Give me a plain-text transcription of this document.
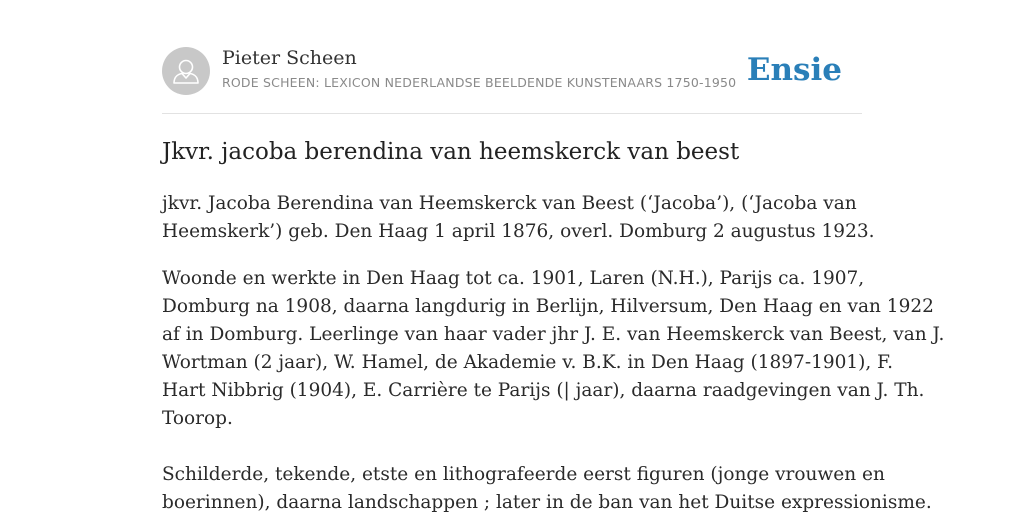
Pieter Scheen
RODE SCHEEN: LEXICON NEDERLANDSE BEELDENDE KUNSTENAARS 1750-1950 Ensie
Jkvr. jacoba berendina van heemskerck van beest

jkvr. Jacoba Berendina van Heemskerck van Beest (‘Jacoba’), (‘Jacoba van
Heemskerk’) geb. Den Haag 1 april 1876, overl. Domburg 2 augustus 1923.

Woonde en werkte in Den Haag tot ca. 1901, Laren (N.H.), Parijs ca. 1907,
Domburg na 1908, daarna langdurig in Berlijn, Hilversum, Den Haag en van 1922
af in Domburg. Leerlinge van haar vader jhr J. E. van Heemskerck van Beest, van J.
Wortman (2 jaar), W. Hamel, de Akademie v. B.K. in Den Haag (1897-1901), F.
Hart Nibbrig (1904), E. Carrière te Parijs (| jaar), daarna raadgevingen van J. Th.
Toorop.

Schilderde, tekende, etste en lithografeerde eerst figuren (jonge vrouwen en
boerinnen), daarna landschappen ; later in de ban van het Duitse expressionisme.
